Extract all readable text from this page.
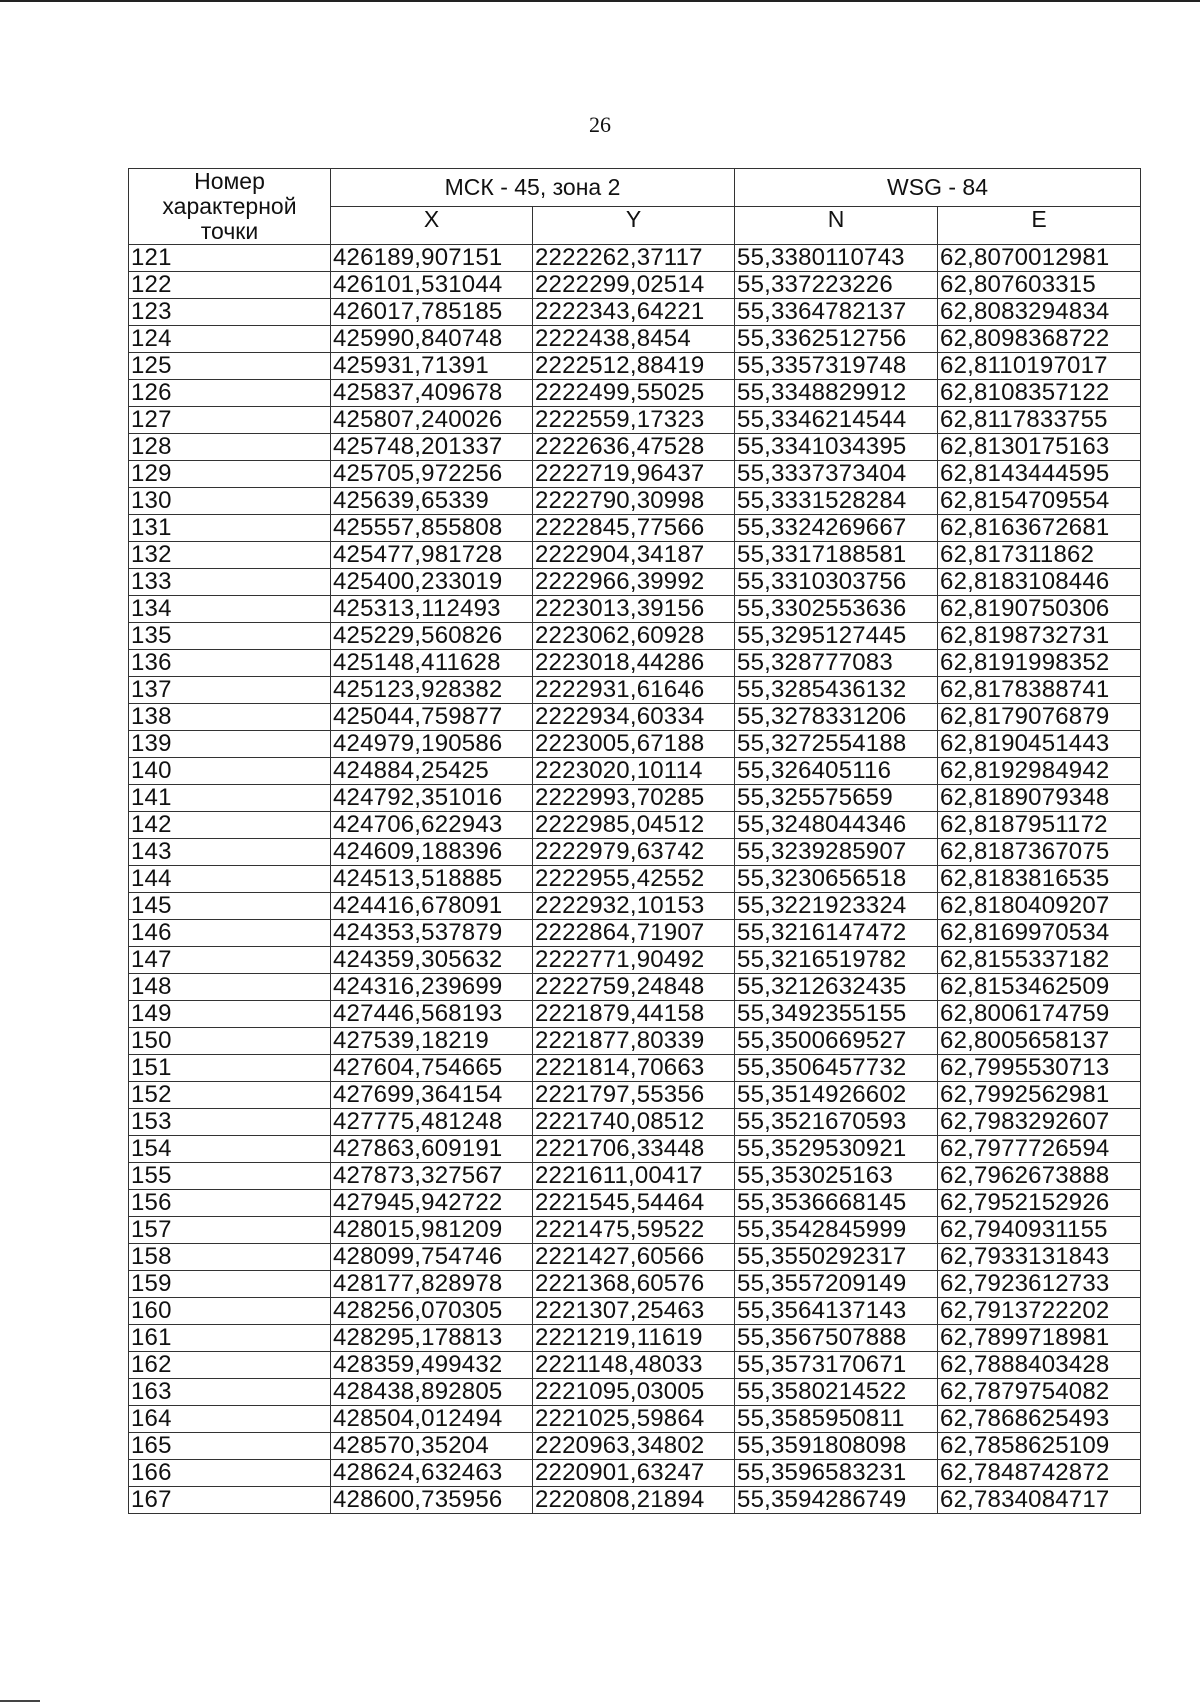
26
Номер
характерной
точки	МСК - 45, зона 2		WSG - 84	
	X	Y	N	E
121	426189,907151	2222262,37117	55,3380110743	62,8070012981
122	426101,531044	2222299,02514	55,337223226	62,807603315
123	426017,785185	2222343,64221	55,3364782137	62,8083294834
124	425990,840748	2222438,8454	55,3362512756	62,8098368722
125	425931,71391	2222512,88419	55,3357319748	62,8110197017
126	425837,409678	2222499,55025	55,3348829912	62,8108357122
127	425807,240026	2222559,17323	55,3346214544	62,8117833755
128	425748,201337	2222636,47528	55,3341034395	62,8130175163
129	425705,972256	2222719,96437	55,3337373404	62,8143444595
130	425639,65339	2222790,30998	55,3331528284	62,8154709554
131	425557,855808	2222845,77566	55,3324269667	62,8163672681
132	425477,981728	2222904,34187	55,3317188581	62,817311862
133	425400,233019	2222966,39992	55,3310303756	62,8183108446
134	425313,112493	2223013,39156	55,3302553636	62,8190750306
135	425229,560826	2223062,60928	55,3295127445	62,8198732731
136	425148,411628	2223018,44286	55,328777083	62,8191998352
137	425123,928382	2222931,61646	55,3285436132	62,8178388741
138	425044,759877	2222934,60334	55,3278331206	62,8179076879
139	424979,190586	2223005,67188	55,3272554188	62,8190451443
140	424884,25425	2223020,10114	55,326405116	62,8192984942
141	424792,351016	2222993,70285	55,325575659	62,8189079348
142	424706,622943	2222985,04512	55,3248044346	62,8187951172
143	424609,188396	2222979,63742	55,3239285907	62,8187367075
144	424513,518885	2222955,42552	55,3230656518	62,8183816535
145	424416,678091	2222932,10153	55,3221923324	62,8180409207
146	424353,537879	2222864,71907	55,3216147472	62,8169970534
147	424359,305632	2222771,90492	55,3216519782	62,8155337182
148	424316,239699	2222759,24848	55,3212632435	62,8153462509
149	427446,568193	2221879,44158	55,3492355155	62,8006174759
150	427539,18219	2221877,80339	55,3500669527	62,8005658137
151	427604,754665	2221814,70663	55,3506457732	62,7995530713
152	427699,364154	2221797,55356	55,3514926602	62,7992562981
153	427775,481248	2221740,08512	55,3521670593	62,7983292607
154	427863,609191	2221706,33448	55,3529530921	62,7977726594
155	427873,327567	2221611,00417	55,353025163	62,7962673888
156	427945,942722	2221545,54464	55,3536668145	62,7952152926
157	428015,981209	2221475,59522	55,3542845999	62,7940931155
158	428099,754746	2221427,60566	55,3550292317	62,7933131843
159	428177,828978	2221368,60576	55,3557209149	62,7923612733
160	428256,070305	2221307,25463	55,3564137143	62,7913722202
161	428295,178813	2221219,11619	55,3567507888	62,7899718981
162	428359,499432	2221148,48033	55,3573170671	62,7888403428
163	428438,892805	2221095,03005	55,3580214522	62,7879754082
164	428504,012494	2221025,59864	55,3585950811	62,7868625493
165	428570,35204	2220963,34802	55,3591808098	62,7858625109
166	428624,632463	2220901,63247	55,3596583231	62,7848742872
167	428600,735956	2220808,21894	55,3594286749	62,7834084717
